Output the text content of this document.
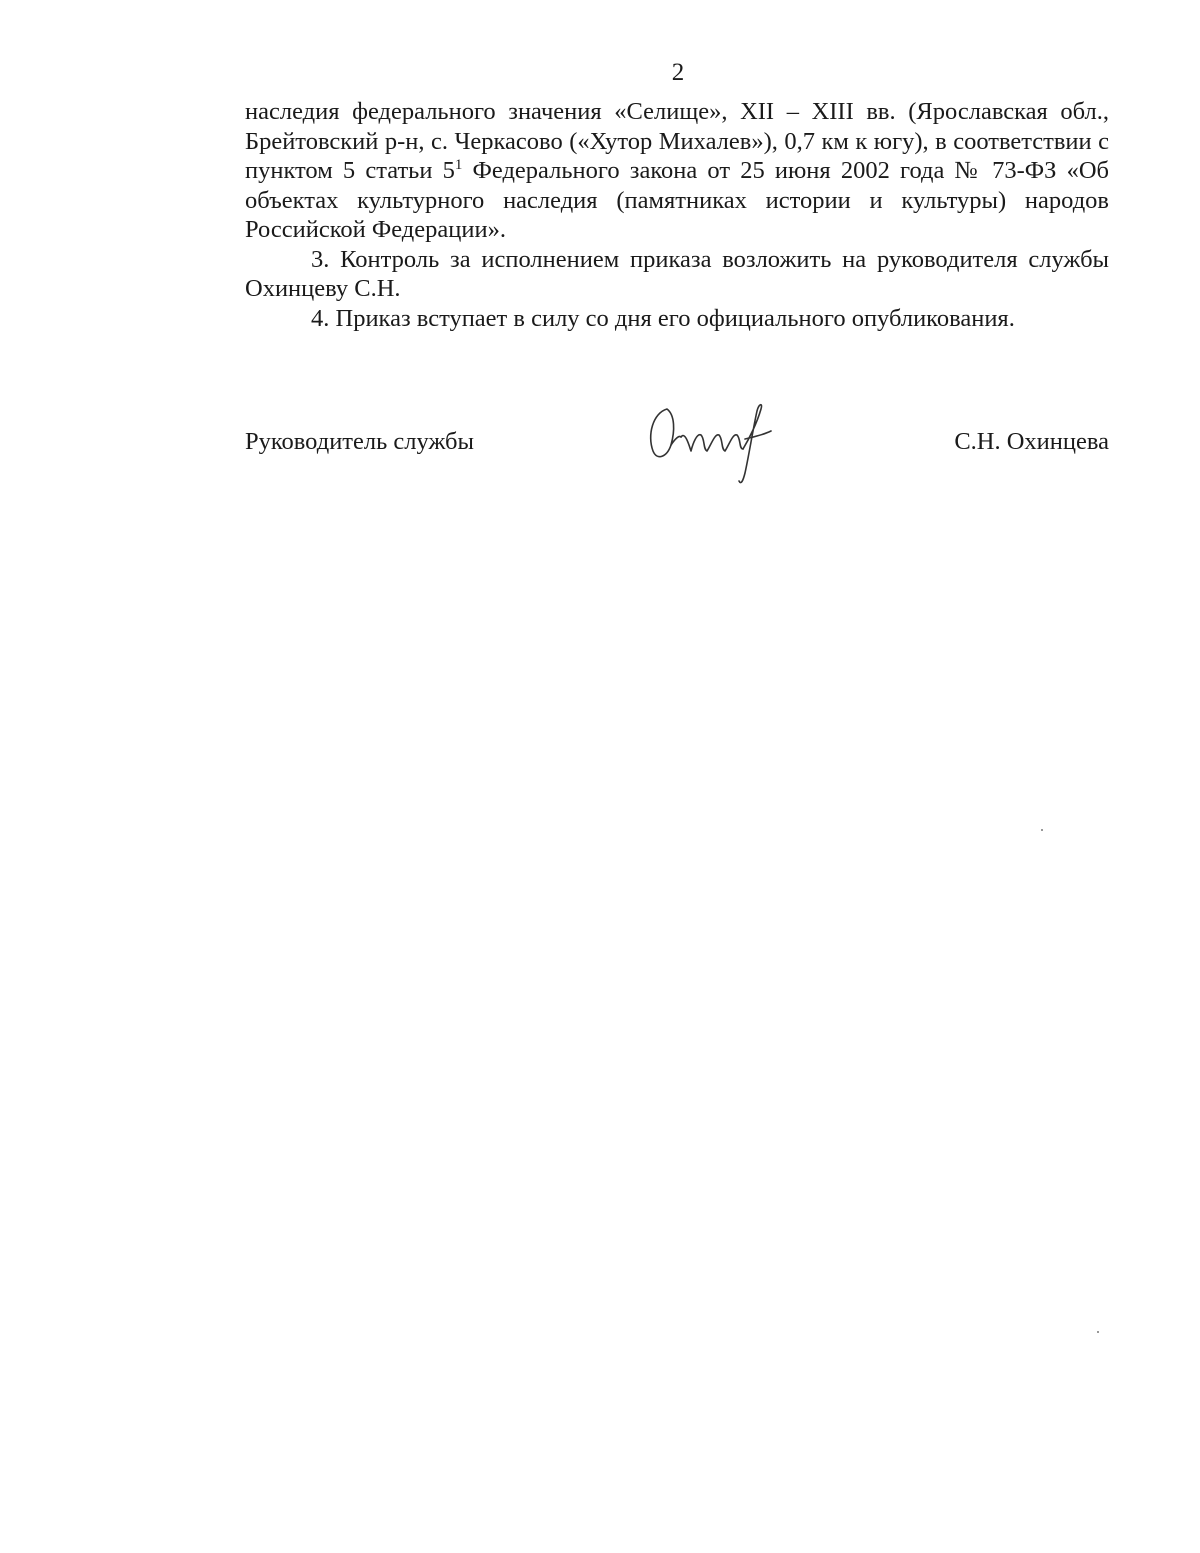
2

наследия федерального значения «Селище», XII – XIII вв. (Ярославская обл., Брейтовский р-н, с. Черкасово («Хутор Михалев»), 0,7 км к югу), в соответствии с пунктом 5 статьи $5^1$ Федерального закона от 25 июня 2002 года № 73-ФЗ «Об объектах культурного наследия (памятниках истории и культуры) народов Российской Федерации».

3. Контроль за исполнением приказа возложить на руководителя службы Охинцеву С.Н.

4. Приказ вступает в силу со дня его официального опубликования.

Руководитель службы	С.Н. Охинцева
